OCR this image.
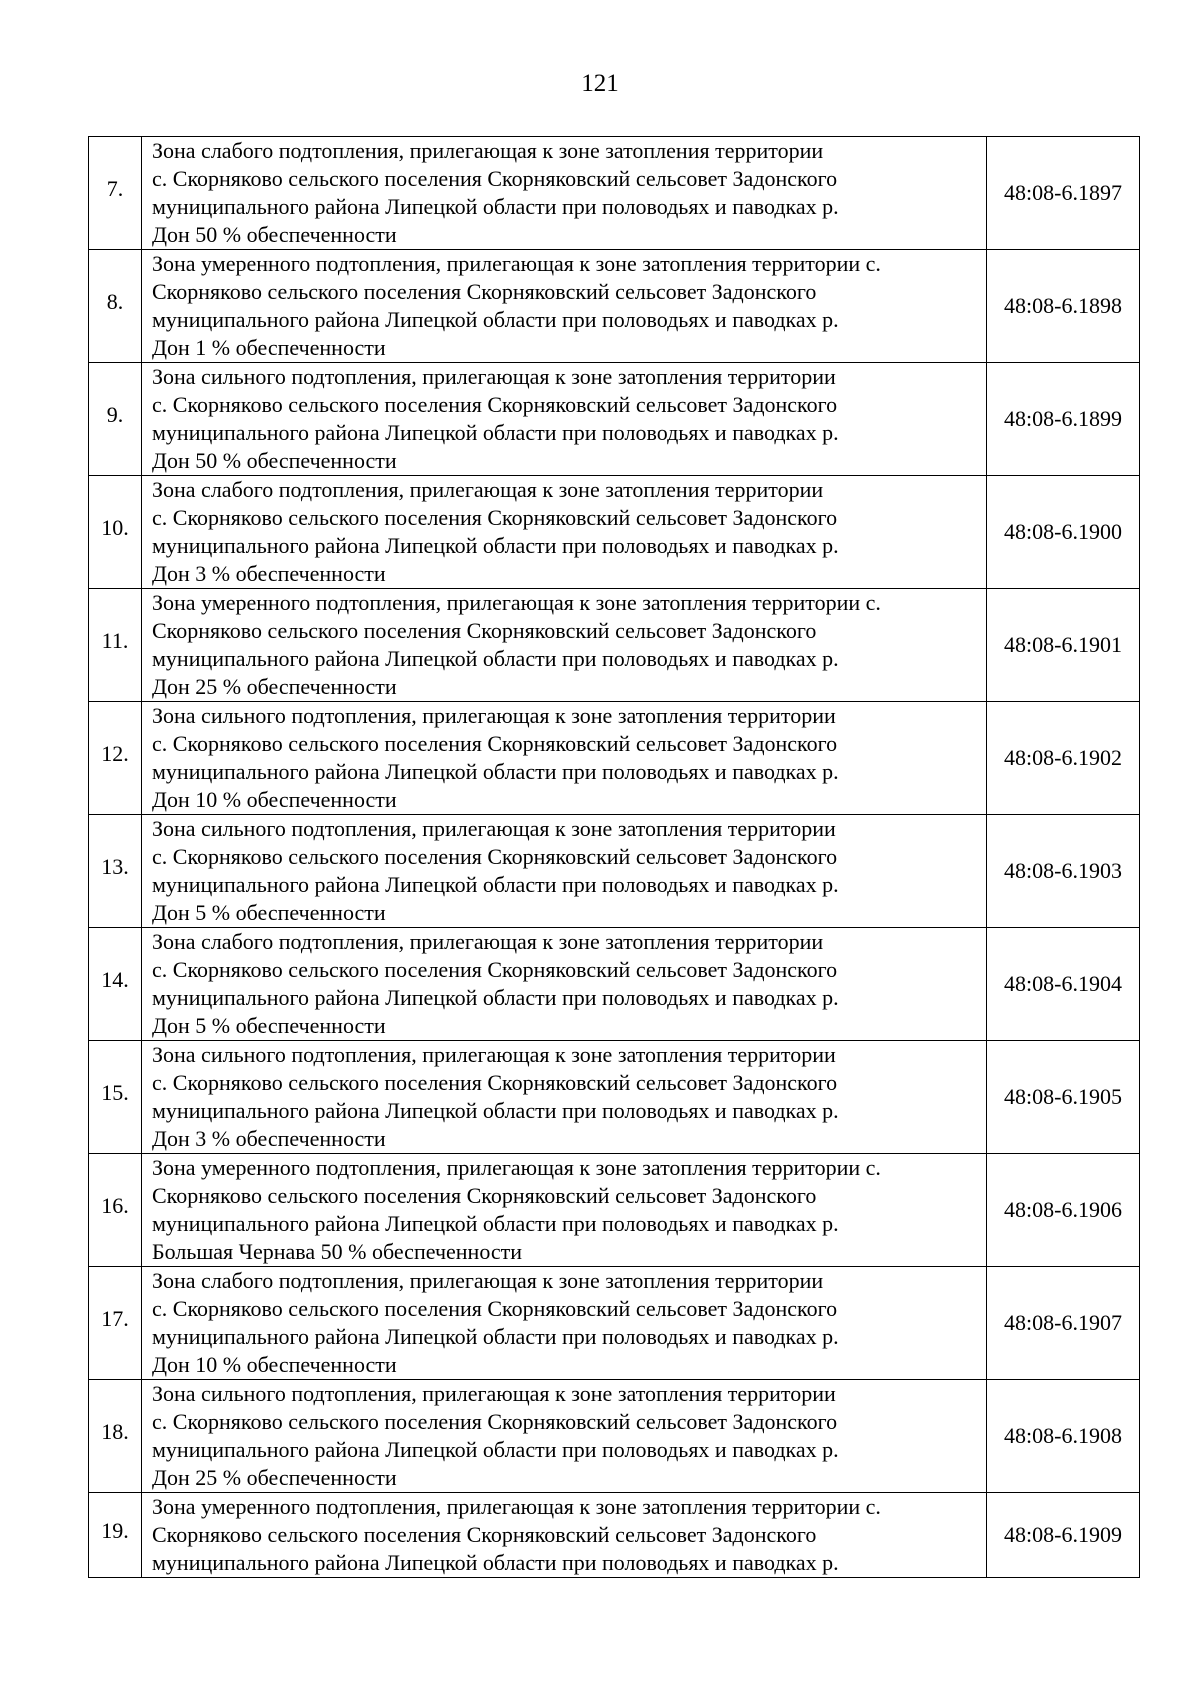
121
7.	Зона слабого подтопления, прилегающая к зоне затопления территории
с. Скорняково сельского поселения Скорняковский сельсовет Задонского
муниципального района Липецкой области при половодьях и паводках р.
Дон 50 % обеспеченности	48:08-6.1897

8.	Зона умеренного подтопления, прилегающая к зоне затопления территории с.
Скорняково сельского поселения Скорняковский сельсовет Задонского
муниципального района Липецкой области при половодьях и паводках р.
Дон 1 % обеспеченности	48:08-6.1898

9.	Зона сильного подтопления, прилегающая к зоне затопления территории
с. Скорняково сельского поселения Скорняковский сельсовет Задонского
муниципального района Липецкой области при половодьях и паводках р.
Дон 50 % обеспеченности	48:08-6.1899

10.	Зона слабого подтопления, прилегающая к зоне затопления территории
с. Скорняково сельского поселения Скорняковский сельсовет Задонского
муниципального района Липецкой области при половодьях и паводках р.
Дон 3 % обеспеченности	48:08-6.1900

11.	Зона умеренного подтопления, прилегающая к зоне затопления территории с.
Скорняково сельского поселения Скорняковский сельсовет Задонского
муниципального района Липецкой области при половодьях и паводках р.
Дон 25 % обеспеченности	48:08-6.1901

12.	Зона сильного подтопления, прилегающая к зоне затопления территории
с. Скорняково сельского поселения Скорняковский сельсовет Задонского
муниципального района Липецкой области при половодьях и паводках р.
Дон 10 % обеспеченности	48:08-6.1902

13.	Зона сильного подтопления, прилегающая к зоне затопления территории
с. Скорняково сельского поселения Скорняковский сельсовет Задонского
муниципального района Липецкой области при половодьях и паводках р.
Дон 5 % обеспеченности	48:08-6.1903

14.	Зона слабого подтопления, прилегающая к зоне затопления территории
с. Скорняково сельского поселения Скорняковский сельсовет Задонского
муниципального района Липецкой области при половодьях и паводках р.
Дон 5 % обеспеченности	48:08-6.1904

15.	Зона сильного подтопления, прилегающая к зоне затопления территории
с. Скорняково сельского поселения Скорняковский сельсовет Задонского
муниципального района Липецкой области при половодьях и паводках р.
Дон 3 % обеспеченности	48:08-6.1905

16.	Зона умеренного подтопления, прилегающая к зоне затопления территории с.
Скорняково сельского поселения Скорняковский сельсовет Задонского
муниципального района Липецкой области при половодьях и паводках р.
Большая Чернава 50 % обеспеченности	48:08-6.1906

17.	Зона слабого подтопления, прилегающая к зоне затопления территории
с. Скорняково сельского поселения Скорняковский сельсовет Задонского
муниципального района Липецкой области при половодьях и паводках р.
Дон 10 % обеспеченности	48:08-6.1907

18.	Зона сильного подтопления, прилегающая к зоне затопления территории
с. Скорняково сельского поселения Скорняковский сельсовет Задонского
муниципального района Липецкой области при половодьях и паводках р.
Дон 25 % обеспеченности	48:08-6.1908

19.	Зона умеренного подтопления, прилегающая к зоне затопления территории с.
Скорняково сельского поселения Скорняковский сельсовет Задонского
муниципального района Липецкой области при половодьях и паводках р.	48:08-6.1909
